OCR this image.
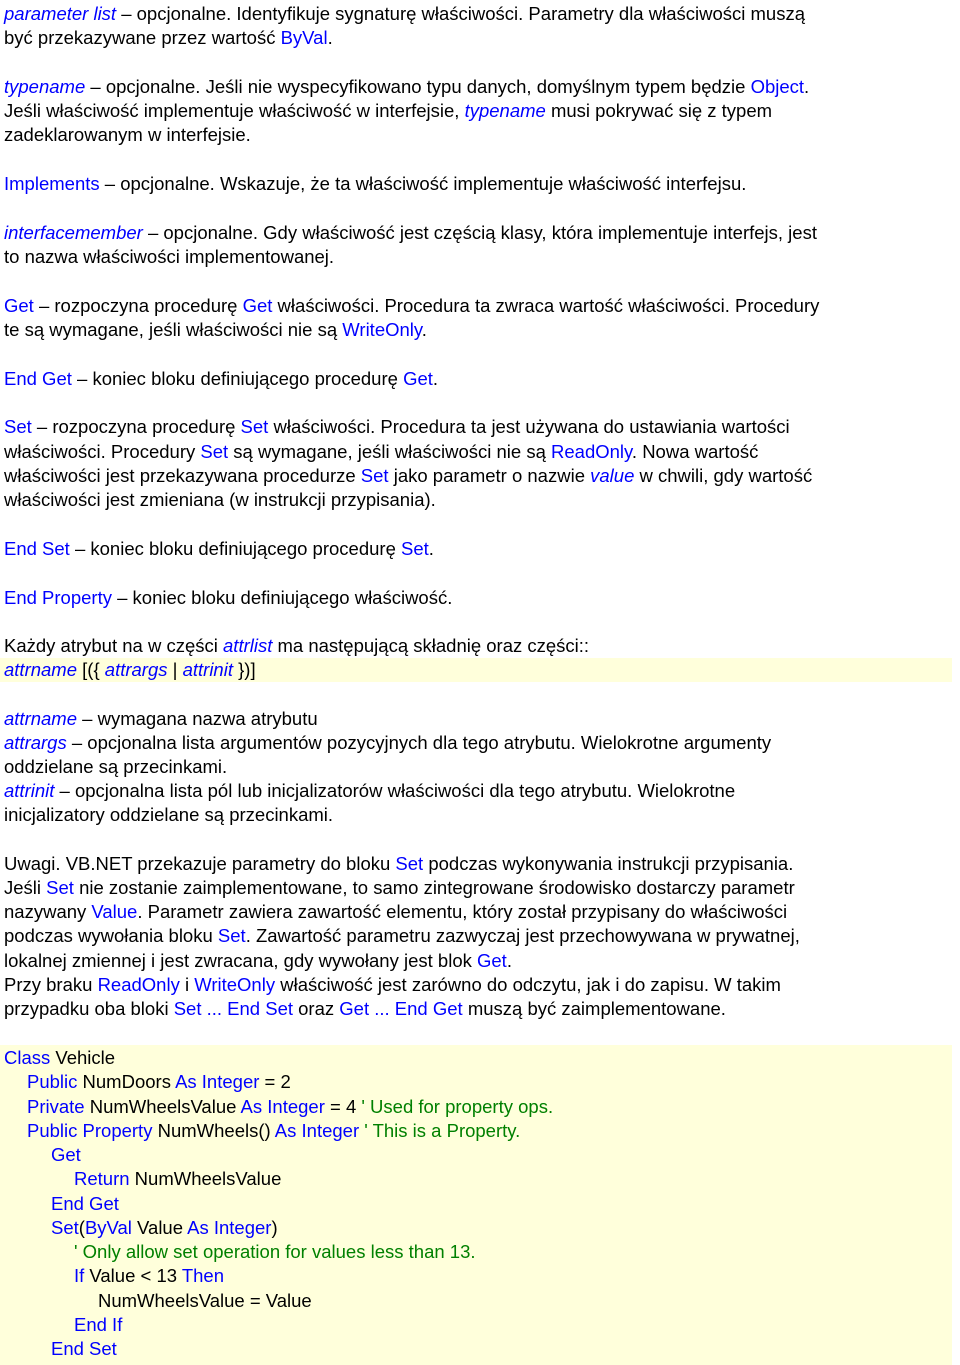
parameter list – opcjonalne. Identyfikuje sygnaturę właściwości. Parametry dla właściwości muszą
być przekazywane przez wartość ByVal.
typename – opcjonalne. Jeśli nie wyspecyfikowano typu danych, domyślnym typem będzie Object.
Jeśli właściwość implementuje właściwość w interfejsie, typename musi pokrywać się z typem
zadeklarowanym w interfejsie.
Implements – opcjonalne. Wskazuje, że ta właściwość implementuje właściwość interfejsu.
interfacemember – opcjonalne. Gdy właściwość jest częścią klasy, która implementuje interfejs, jest
to nazwa właściwości implementowanej.
Get – rozpoczyna procedurę Get właściwości. Procedura ta zwraca wartość właściwości. Procedury
te są wymagane, jeśli właściwości nie są WriteOnly.
End Get – koniec bloku definiującego procedurę Get.
Set – rozpoczyna procedurę Set właściwości. Procedura ta jest używana do ustawiania wartości
właściwości. Procedury Set są wymagane, jeśli właściwości nie są ReadOnly. Nowa wartość
właściwości jest przekazywana procedurze Set jako parametr o nazwie value w chwili, gdy wartość
właściwości jest zmieniana (w instrukcji przypisania).
End Set – koniec bloku definiującego procedurę Set.
End Property – koniec bloku definiującego właściwość.
Każdy atrybut na w części attrlist ma następującą składnię oraz części::
attrname [({ attrargs | attrinit })]
attrname – wymagana nazwa atrybutu
attrargs – opcjonalna lista argumentów pozycyjnych dla tego atrybutu. Wielokrotne argumenty
oddzielane są przecinkami.
attrinit – opcjonalna lista pól lub inicjalizatorów właściwości dla tego atrybutu. Wielokrotne
inicjalizatory oddzielane są przecinkami.
Uwagi. VB.NET przekazuje parametry do bloku Set podczas wykonywania instrukcji przypisania.
Jeśli Set nie zostanie zaimplementowane, to samo zintegrowane środowisko dostarczy parametr
nazywany Value. Parametr zawiera zawartość elementu, który został przypisany do właściwości
podczas wywołania bloku Set. Zawartość parametru zazwyczaj jest przechowywana w prywatnej,
lokalnej zmiennej i jest zwracana, gdy wywołany jest blok Get.
Przy braku ReadOnly i WriteOnly właściwość jest zarówno do odczytu, jak i do zapisu. W takim
przypadku oba bloki Set ... End Set oraz Get ... End Get muszą być zaimplementowane.
Class Vehicle
Public NumDoors As Integer = 2
Private NumWheelsValue As Integer = 4 ' Used for property ops.
Public Property NumWheels() As Integer ' This is a Property.
Get
Return NumWheelsValue
End Get
Set(ByVal Value As Integer)
' Only allow set operation for values less than 13.
If Value < 13 Then
NumWheelsValue = Value
End If
End Set
